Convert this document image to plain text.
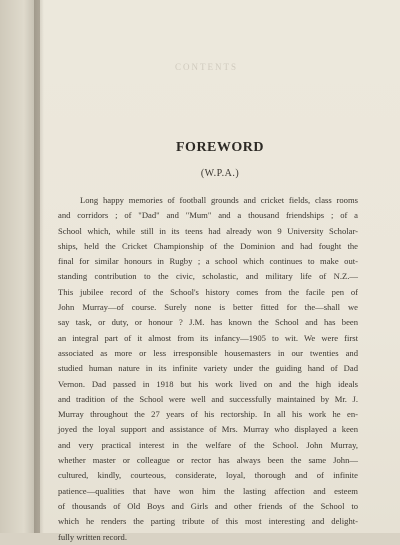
CONTENTS
FOREWORD
(W.P.A.)
Long happy memories of football grounds and cricket fields, class rooms
and corridors ; of "Dad" and "Mum" and a thousand friendships ; of a
School which, while still in its teens had already won 9 University Scholar-
ships, held the Cricket Championship of the Dominion and had fought the
final for similar honours in Rugby ; a school which continues to make out-
standing contribution to the civic, scholastic, and military life of N.Z.—
This jubilee record of the School's history comes from the facile pen of
John Murray—of course. Surely none is better fitted for the—shall we
say task, or duty, or honour ? J.M. has known the School and has been
an integral part of it almost from its infancy—1905 to wit. We were first
associated as more or less irresponsible housemasters in our twenties and
studied human nature in its infinite variety under the guiding hand of Dad
Vernon. Dad passed in 1918 but his work lived on and the high ideals
and tradition of the School were well and successfully maintained by Mr. J.
Murray throughout the 27 years of his rectorship. In all his work he en-
joyed the loyal support and assistance of Mrs. Murray who displayed a keen
and very practical interest in the welfare of the School. John Murray,
whether master or colleague or rector has always been the same John—
cultured, kindly, courteous, considerate, loyal, thorough and of infinite
patience—qualities that have won him the lasting affection and esteem
of thousands of Old Boys and Girls and other friends of the School to
which he renders the parting tribute of this most interesting and delight-
fully written record.
